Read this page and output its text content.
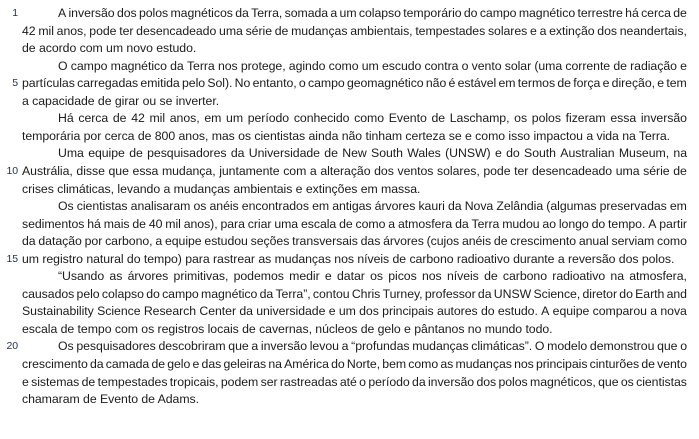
1
5
10
15
20
A inversão dos polos magnéticos da Terra, somada a um colapso temporário do campo magnético terrestre há cerca de
42 mil anos, pode ter desencadeado uma série de mudanças ambientais, tempestades solares e a extinção dos neandertais,
de acordo com um novo estudo.
O campo magnético da Terra nos protege, agindo como um escudo contra o vento solar (uma corrente de radiação e
partículas carregadas emitida pelo Sol). No entanto, o campo geomagnético não é estável em termos de força e direção, e tem
a capacidade de girar ou se inverter.
Há cerca de 42 mil anos, em um período conhecido como Evento de Laschamp, os polos fizeram essa inversão
temporária por cerca de 800 anos, mas os cientistas ainda não tinham certeza se e como isso impactou a vida na Terra.
Uma equipe de pesquisadores da Universidade de New South Wales (UNSW) e do South Australian Museum, na
Austrália, disse que essa mudança, juntamente com a alteração dos ventos solares, pode ter desencadeado uma série de
crises climáticas, levando a mudanças ambientais e extinções em massa.
Os cientistas analisaram os anéis encontrados em antigas árvores kauri da Nova Zelândia (algumas preservadas em
sedimentos há mais de 40 mil anos), para criar uma escala de como a atmosfera da Terra mudou ao longo do tempo. A partir
da datação por carbono, a equipe estudou seções transversais das árvores (cujos anéis de crescimento anual serviam como
um registro natural do tempo) para rastrear as mudanças nos níveis de carbono radioativo durante a reversão dos polos.
“Usando as árvores primitivas, podemos medir e datar os picos nos níveis de carbono radioativo na atmosfera,
causados pelo colapso do campo magnético da Terra”, contou Chris Turney, professor da UNSW Science, diretor do Earth and
Sustainability Science Research Center da universidade e um dos principais autores do estudo. A equipe comparou a nova
escala de tempo com os registros locais de cavernas, núcleos de gelo e pântanos no mundo todo.
Os pesquisadores descobriram que a inversão levou a “profundas mudanças climáticas”. O modelo demonstrou que o
crescimento da camada de gelo e das geleiras na América do Norte, bem como as mudanças nos principais cinturões de vento
e sistemas de tempestades tropicais, podem ser rastreadas até o período da inversão dos polos magnéticos, que os cientistas
chamaram de Evento de Adams.
